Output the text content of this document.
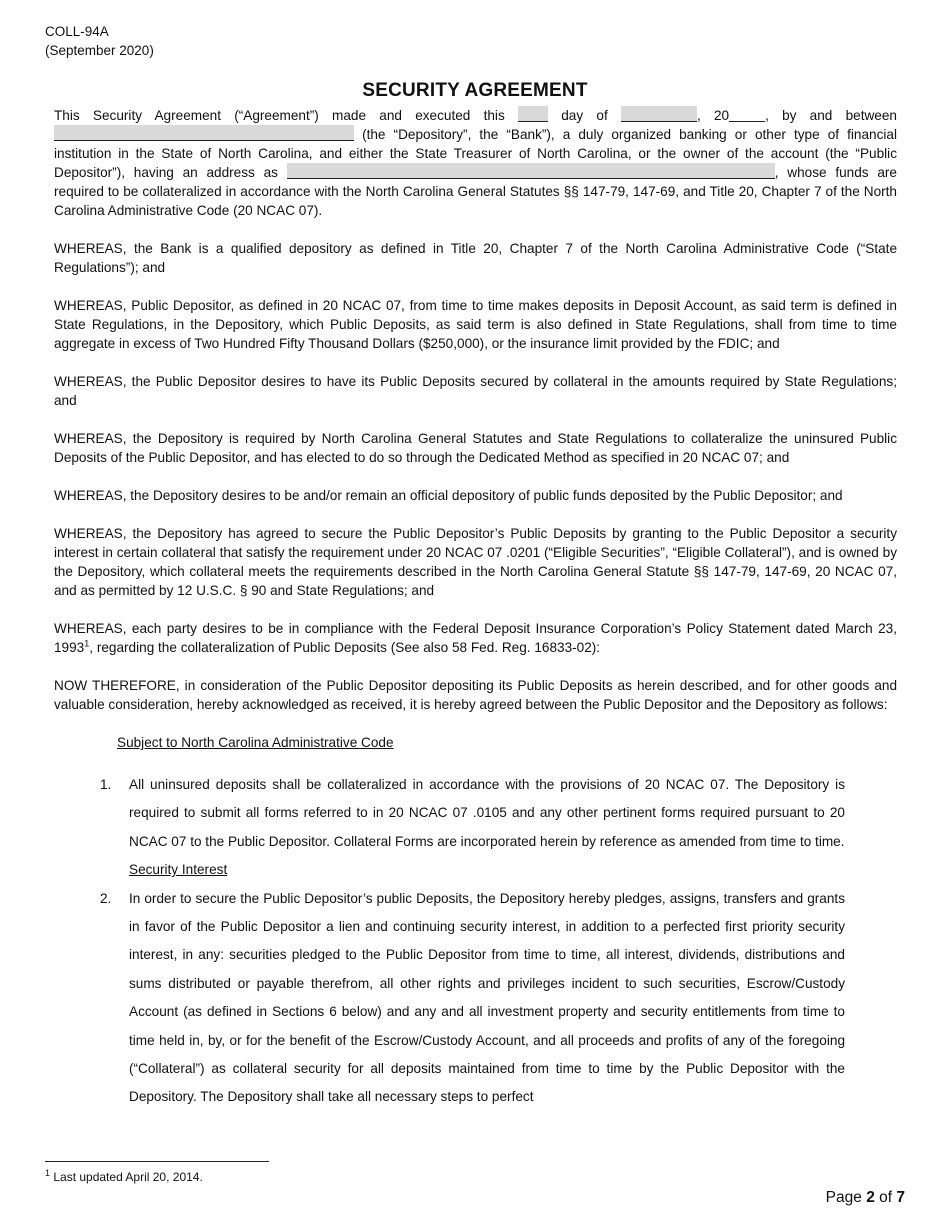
COLL-94A
(September 2020)
SECURITY AGREEMENT

This Security Agreement (“Agreement”) made and executed this	day of	, 20	, by and between  (the “Depository”, the “Bank”), a duly organized banking or other type of financial institution in the State of North Carolina, and either the State Treasurer of North Carolina, or the owner of the account (the “Public Depositor”), having an address as	, whose funds are required to be collateralized in accordance with the North Carolina General Statutes §§ 147-79, 147-69, and Title 20, Chapter 7 of the North Carolina Administrative Code (20 NCAC 07).

WHEREAS, the Bank is a qualified depository as defined in Title 20, Chapter 7 of the North Carolina Administrative Code (“State Regulations”); and

WHEREAS, Public Depositor, as defined in 20 NCAC 07, from time to time makes deposits in Deposit Account, as said term is defined in State Regulations, in the Depository, which Public Deposits, as said term is also defined in State Regulations, shall from time to time aggregate in excess of Two Hundred Fifty Thousand Dollars ($250,000), or the insurance limit provided by the FDIC; and

WHEREAS, the Public Depositor desires to have its Public Deposits secured by collateral in the amounts required by State Regulations; and

WHEREAS, the Depository is required by North Carolina General Statutes and State Regulations to collateralize the uninsured Public Deposits of the Public Depositor, and has elected to do so through the Dedicated Method as specified in 20 NCAC 07; and

WHEREAS, the Depository desires to be and/or remain an official depository of public funds deposited by the Public Depositor; and

WHEREAS, the Depository has agreed to secure the Public Depositor’s Public Deposits by granting to the Public Depositor a security interest in certain collateral that satisfy the requirement under 20 NCAC 07 .0201 (“Eligible Securities”, “Eligible Collateral”), and is owned by the Depository, which collateral meets the requirements described in the North Carolina General Statute §§ 147-79, 147-69, 20 NCAC 07, and as permitted by 12 U.S.C. § 90 and State Regulations; and

WHEREAS, each party desires to be in compliance with the Federal Deposit Insurance Corporation’s Policy Statement dated March 23, 1993$^1$, regarding the collateralization of Public Deposits (See also 58 Fed. Reg. 16833-02):

NOW THEREFORE, in consideration of the Public Depositor depositing its Public Deposits as herein described, and for other goods and valuable consideration, hereby acknowledged as received, it is hereby agreed between the Public Depositor and the Depository as follows:

Subject to North Carolina Administrative Code
1. All uninsured deposits shall be collateralized in accordance with the provisions of 20 NCAC 07. The Depository is required to submit all forms referred to in 20 NCAC 07 .0105 and any other pertinent forms required pursuant to 20 NCAC 07 to the Public Depositor. Collateral Forms are incorporated herein by reference as amended from time to time.
Security Interest
2. In order to secure the Public Depositor’s public Deposits, the Depository hereby pledges, assigns, transfers and grants in favor of the Public Depositor a lien and continuing security interest, in addition to a perfected first priority security interest, in any: securities pledged to the Public Depositor from time to time, all interest, dividends, distributions and sums distributed or payable therefrom, all other rights and privileges incident to such securities, Escrow/Custody Account (as defined in Sections 6 below) and any and all investment property and security entitlements from time to time held in, by, or for the benefit of the Escrow/Custody Account, and all proceeds and profits of any of the foregoing (“Collateral”) as collateral security for all deposits maintained from time to time by the Public Depositor with the Depository. The Depository shall take all necessary steps to perfect
$^1$ Last updated April 20, 2014.
Page 2 of 7
